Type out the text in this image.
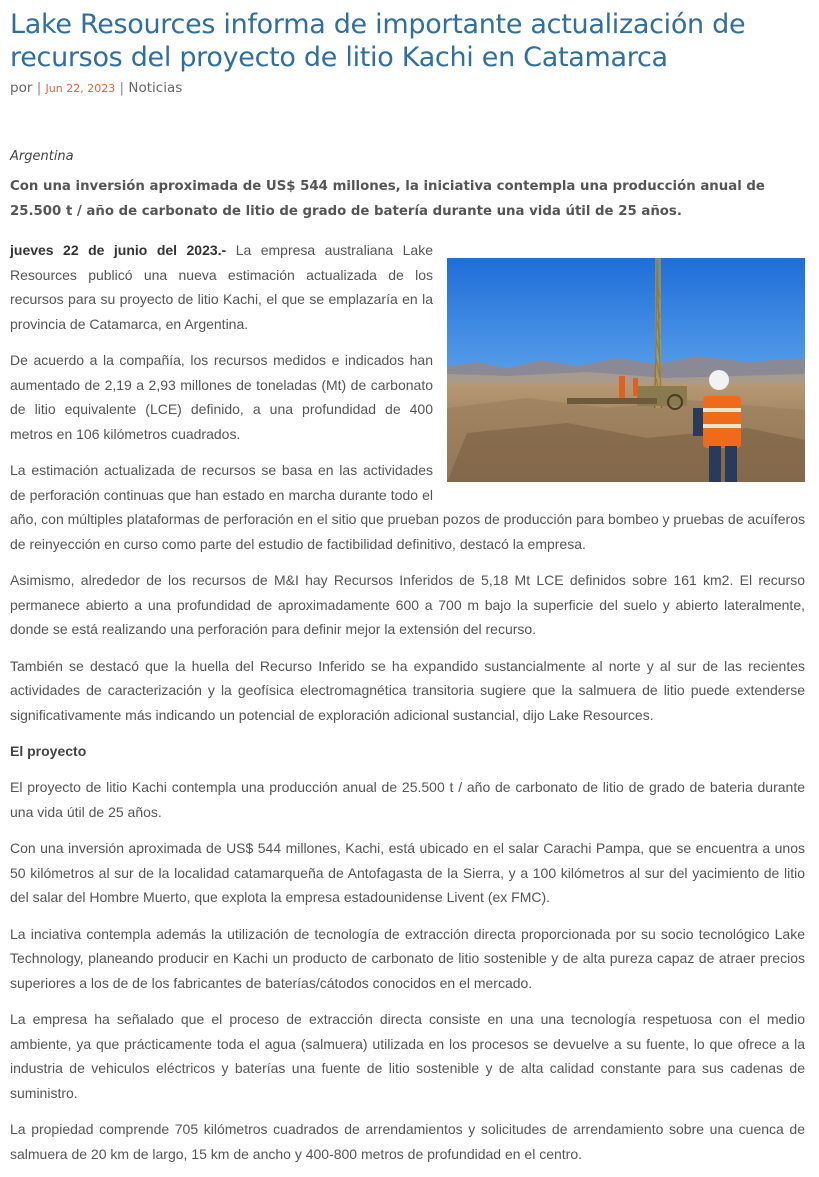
Lake Resources informa de importante actualización de recursos del proyecto de litio Kachi en Catamarca
por | Jun 22, 2023 | Noticias
Argentina

Con una inversión aproximada de US$ 544 millones, la iniciativa contempla una producción anual de 25.500 t / año de carbonato de litio de grado de batería durante una vida útil de 25 años.

jueves 22 de junio del 2023.- La empresa australiana Lake Resources publicó una nueva estimación actualizada de los recursos para su proyecto de litio Kachi, el que se emplazaría en la provincia de Catamarca, en Argentina.

De acuerdo a la compañía, los recursos medidos e indicados han aumentado de 2,19 a 2,93 millones de toneladas (Mt) de carbonato de litio equivalente (LCE) definido, a una profundidad de 400 metros en 106 kilómetros cuadrados.

La estimación actualizada de recursos se basa en las actividades de perforación continuas que han estado en marcha durante todo el año, con múltiples plataformas de perforación en el sitio que prueban pozos de producción para bombeo y pruebas de acuíferos de reinyección en curso como parte del estudio de factibilidad definitivo, destacó la empresa.

Asimismo, alrededor de los recursos de M&I hay Recursos Inferidos de 5,18 Mt LCE definidos sobre 161 km2. El recurso permanece abierto a una profundidad de aproximadamente 600 a 700 m bajo la superficie del suelo y abierto lateralmente, donde se está realizando una perforación para definir mejor la extensión del recurso.

También se destacó que la huella del Recurso Inferido se ha expandido sustancialmente al norte y al sur de las recientes actividades de caracterización y la geofísica electromagnética transitoria sugiere que la salmuera de litio puede extenderse significativamente más indicando un potencial de exploración adicional sustancial, dijo Lake Resources.

El proyecto

El proyecto de litio Kachi contempla una producción anual de 25.500 t / año de carbonato de litio de grado de bateria durante una vida útil de 25 años.

Con una inversión aproximada de US$ 544 millones, Kachi, está ubicado en el salar Carachi Pampa, que se encuentra a unos 50 kilómetros al sur de la localidad catamarqueña de Antofagasta de la Sierra, y a 100 kilómetros al sur del yacimiento de litio del salar del Hombre Muerto, que explota la empresa estadounidense Livent (ex FMC).

La inciativa contempla además la utilización de tecnología de extracción directa proporcionada por su socio tecnológico Lake Technology, planeando producir en Kachi un producto de carbonato de litio sostenible y de alta pureza capaz de atraer precios superiores a los de de los fabricantes de baterías/cátodos conocidos en el mercado.

La empresa ha señalado que el proceso de extracción directa consiste en una una tecnología respetuosa con el medio ambiente, ya que prácticamente toda el agua (salmuera) utilizada en los procesos se devuelve a su fuente, lo que ofrece a la industria de vehiculos eléctricos y baterías una fuente de litio sostenible y de alta calidad constante para sus cadenas de suministro.

La propiedad comprende 705 kilómetros cuadrados de arrendamientos y solicitudes de arrendamiento sobre una cuenca de salmuera de 20 km de largo, 15 km de ancho y 400-800 metros de profundidad en el centro.
